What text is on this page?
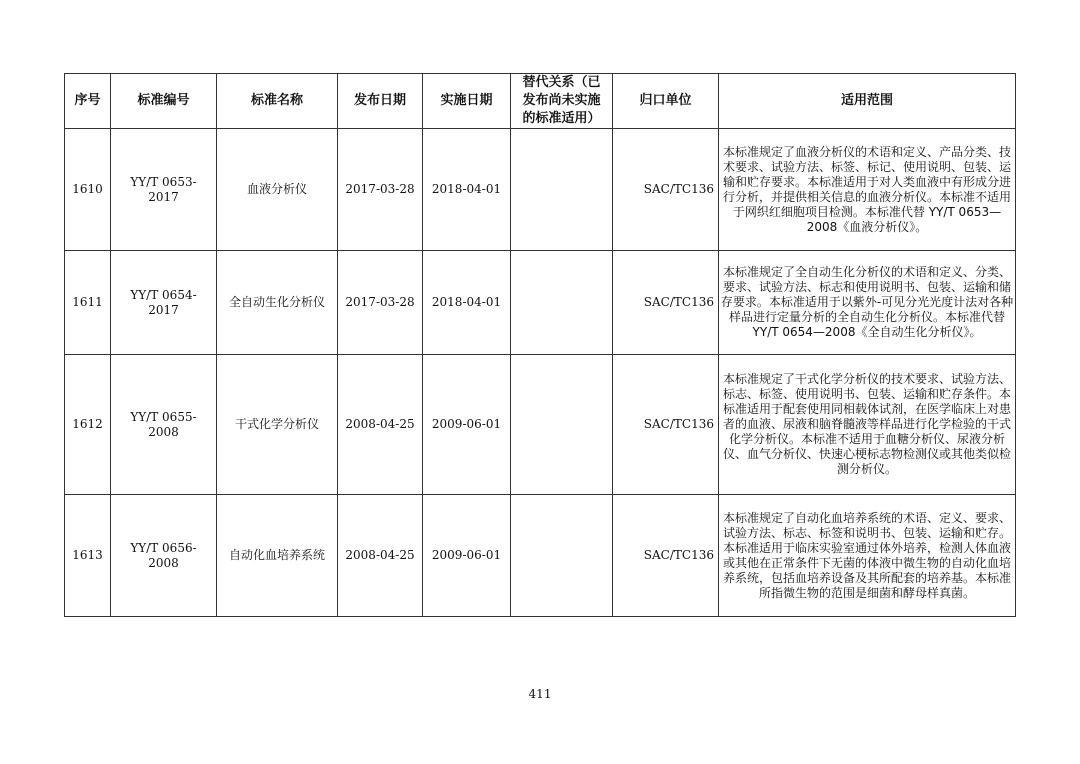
序号	标准编号	标准名称	发布日期	实施日期	替代关系（已发布尚未实施的标准适用）	归口单位	适用范围
1610	YY/T 0653-2017	血液分析仪	2017-03-28	2018-04-01		SAC/TC136	本标准规定了血液分析仪的术语和定义、产品分类、技术要求、试验方法、标签、标记、使用说明、包装、运输和贮存要求。本标准适用于对人类血液中有形成分进行分析，并提供相关信息的血液分析仪。本标准不适用于网织红细胞项目检测。本标准代替 YY/T 0653—2008《血液分析仪》。
1611	YY/T 0654-2017	全自动生化分析仪	2017-03-28	2018-04-01		SAC/TC136	本标准规定了全自动生化分析仪的术语和定义、分类、要求、试验方法、标志和使用说明书、包装、运输和储存要求。本标准适用于以紫外-可见分光光度计法对各种样品进行定量分析的全自动生化分析仪。本标准代替 YY/T 0654—2008《全自动生化分析仪》。
1612	YY/T 0655-2008	干式化学分析仪	2008-04-25	2009-06-01		SAC/TC136	本标准规定了干式化学分析仪的技术要求、试验方法、标志、标签、使用说明书、包装、运输和贮存条件。本标准适用于配套使用同相载体试剂，在医学临床上对患者的血液、尿液和脑脊髓液等样品进行化学检验的干式化学分析仪。本标准不适用于血糖分析仪、尿液分析仪、血气分析仪、快速心梗标志物检测仪或其他类似检测分析仪。
1613	YY/T 0656-2008	自动化血培养系统	2008-04-25	2009-06-01		SAC/TC136	本标准规定了自动化血培养系统的术语、定义、要求、试验方法、标志、标签和说明书、包装、运输和贮存。本标准适用于临床实验室通过体外培养，检测人体血液或其他在正常条件下无菌的体液中微生物的自动化血培养系统，包括血培养设备及其所配套的培养基。本标准所指微生物的范围是细菌和酵母样真菌。
411
